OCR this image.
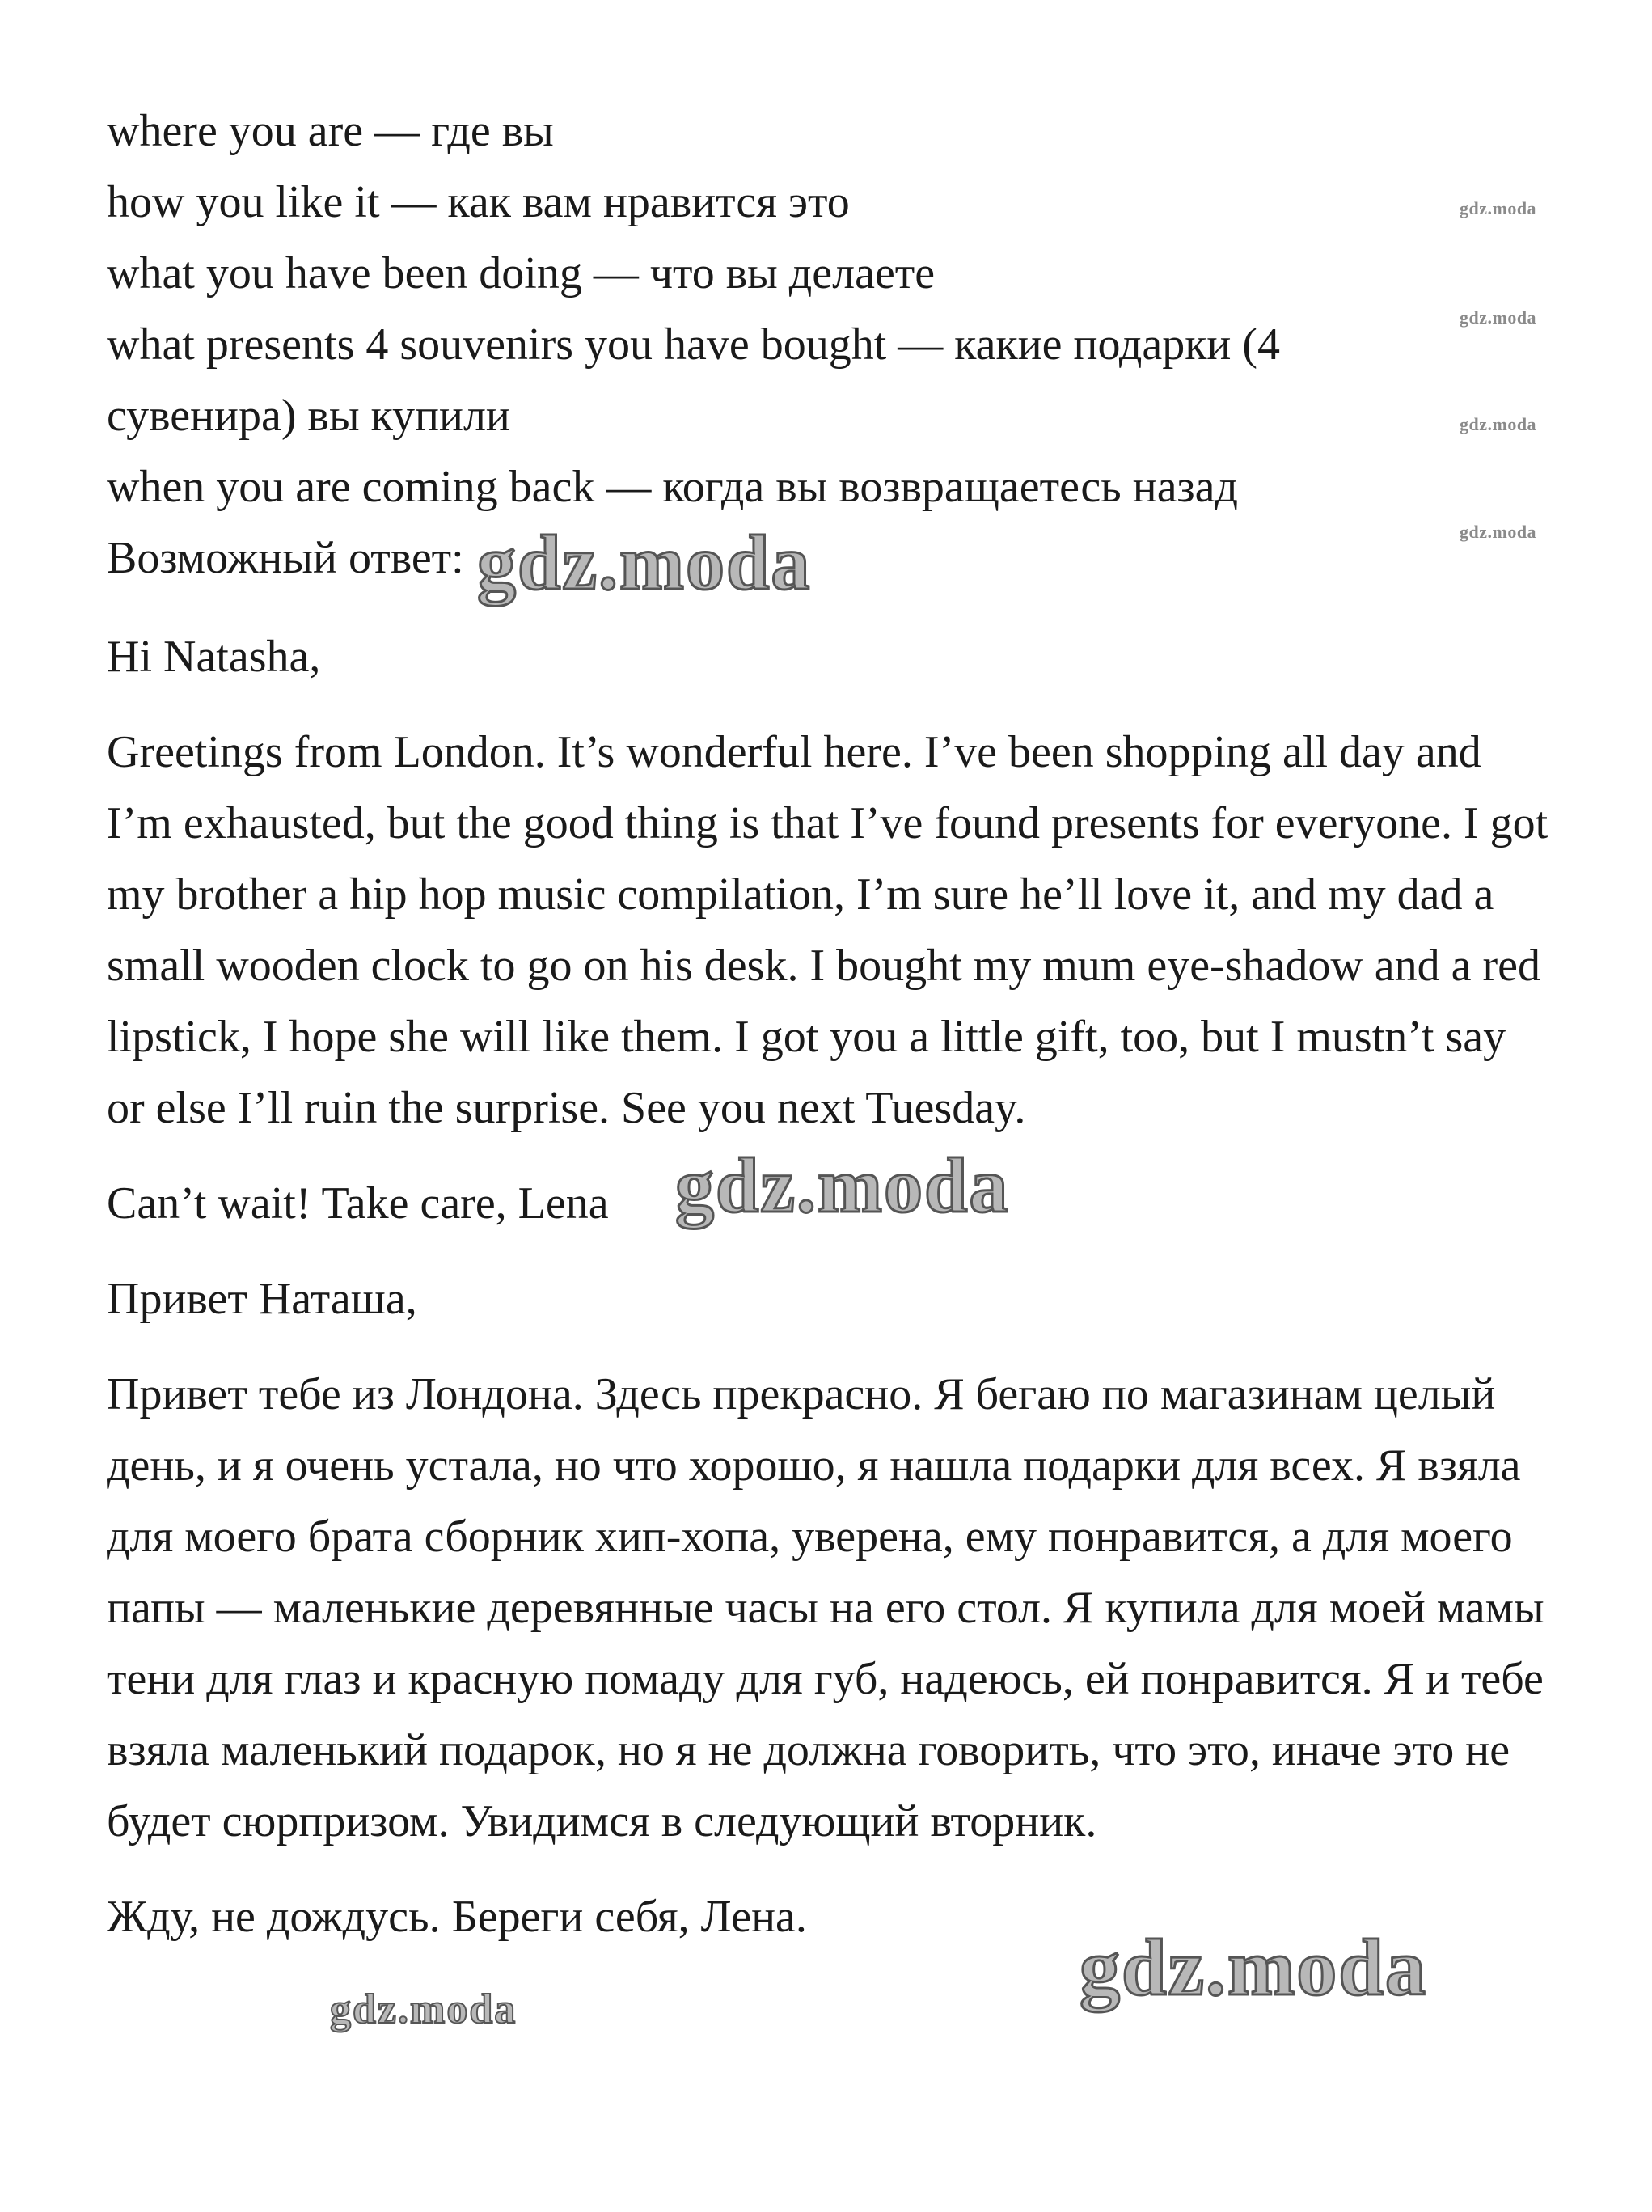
where you are — где вы

how you like it — как вам нравится это

what you have been doing — что вы делаете

what presents 4 souvenirs you have bought — какие подарки (4

сувенира) вы купили

when you are coming back — когда вы возвращаетесь назад

Возможный ответ:

Hi Natasha,

Greetings from London. It’s wonderful here. I’ve been shopping all day and I’m exhausted, but the good thing is that I’ve found presents for everyone. I got my brother a hip hop music compilation, I’m sure he’ll love it, and my dad a small wooden clock to go on his desk. I bought my mum eye-shadow and a red lipstick, I hope she will like them. I got you a little gift, too, but I mustn’t say or else I’ll ruin the surprise. See you next Tuesday.

Can’t wait! Take care, Lena

Привет Наташа,

Привет тебе из Лондона. Здесь прекрасно. Я бегаю по магазинам целый день, и я очень устала, но что хорошо, я нашла подарки для всех. Я взяла для моего брата сборник хип-хопа, уверена, ему понравится, а для моего папы — маленькие деревянные часы на его стол. Я купила для моей мамы тени для глаз и красную помаду для губ, надеюсь, ей понравится. Я и тебе взяла маленький подарок, но я не должна говорить, что это, иначе это не будет сюрпризом. Увидимся в следующий вторник.

Жду, не дождусь. Береги себя, Лена.

gdz.moda
gdz.moda
gdz.moda
gdz.moda
gdz.moda
gdz.moda
gdz.moda
gdz.moda
